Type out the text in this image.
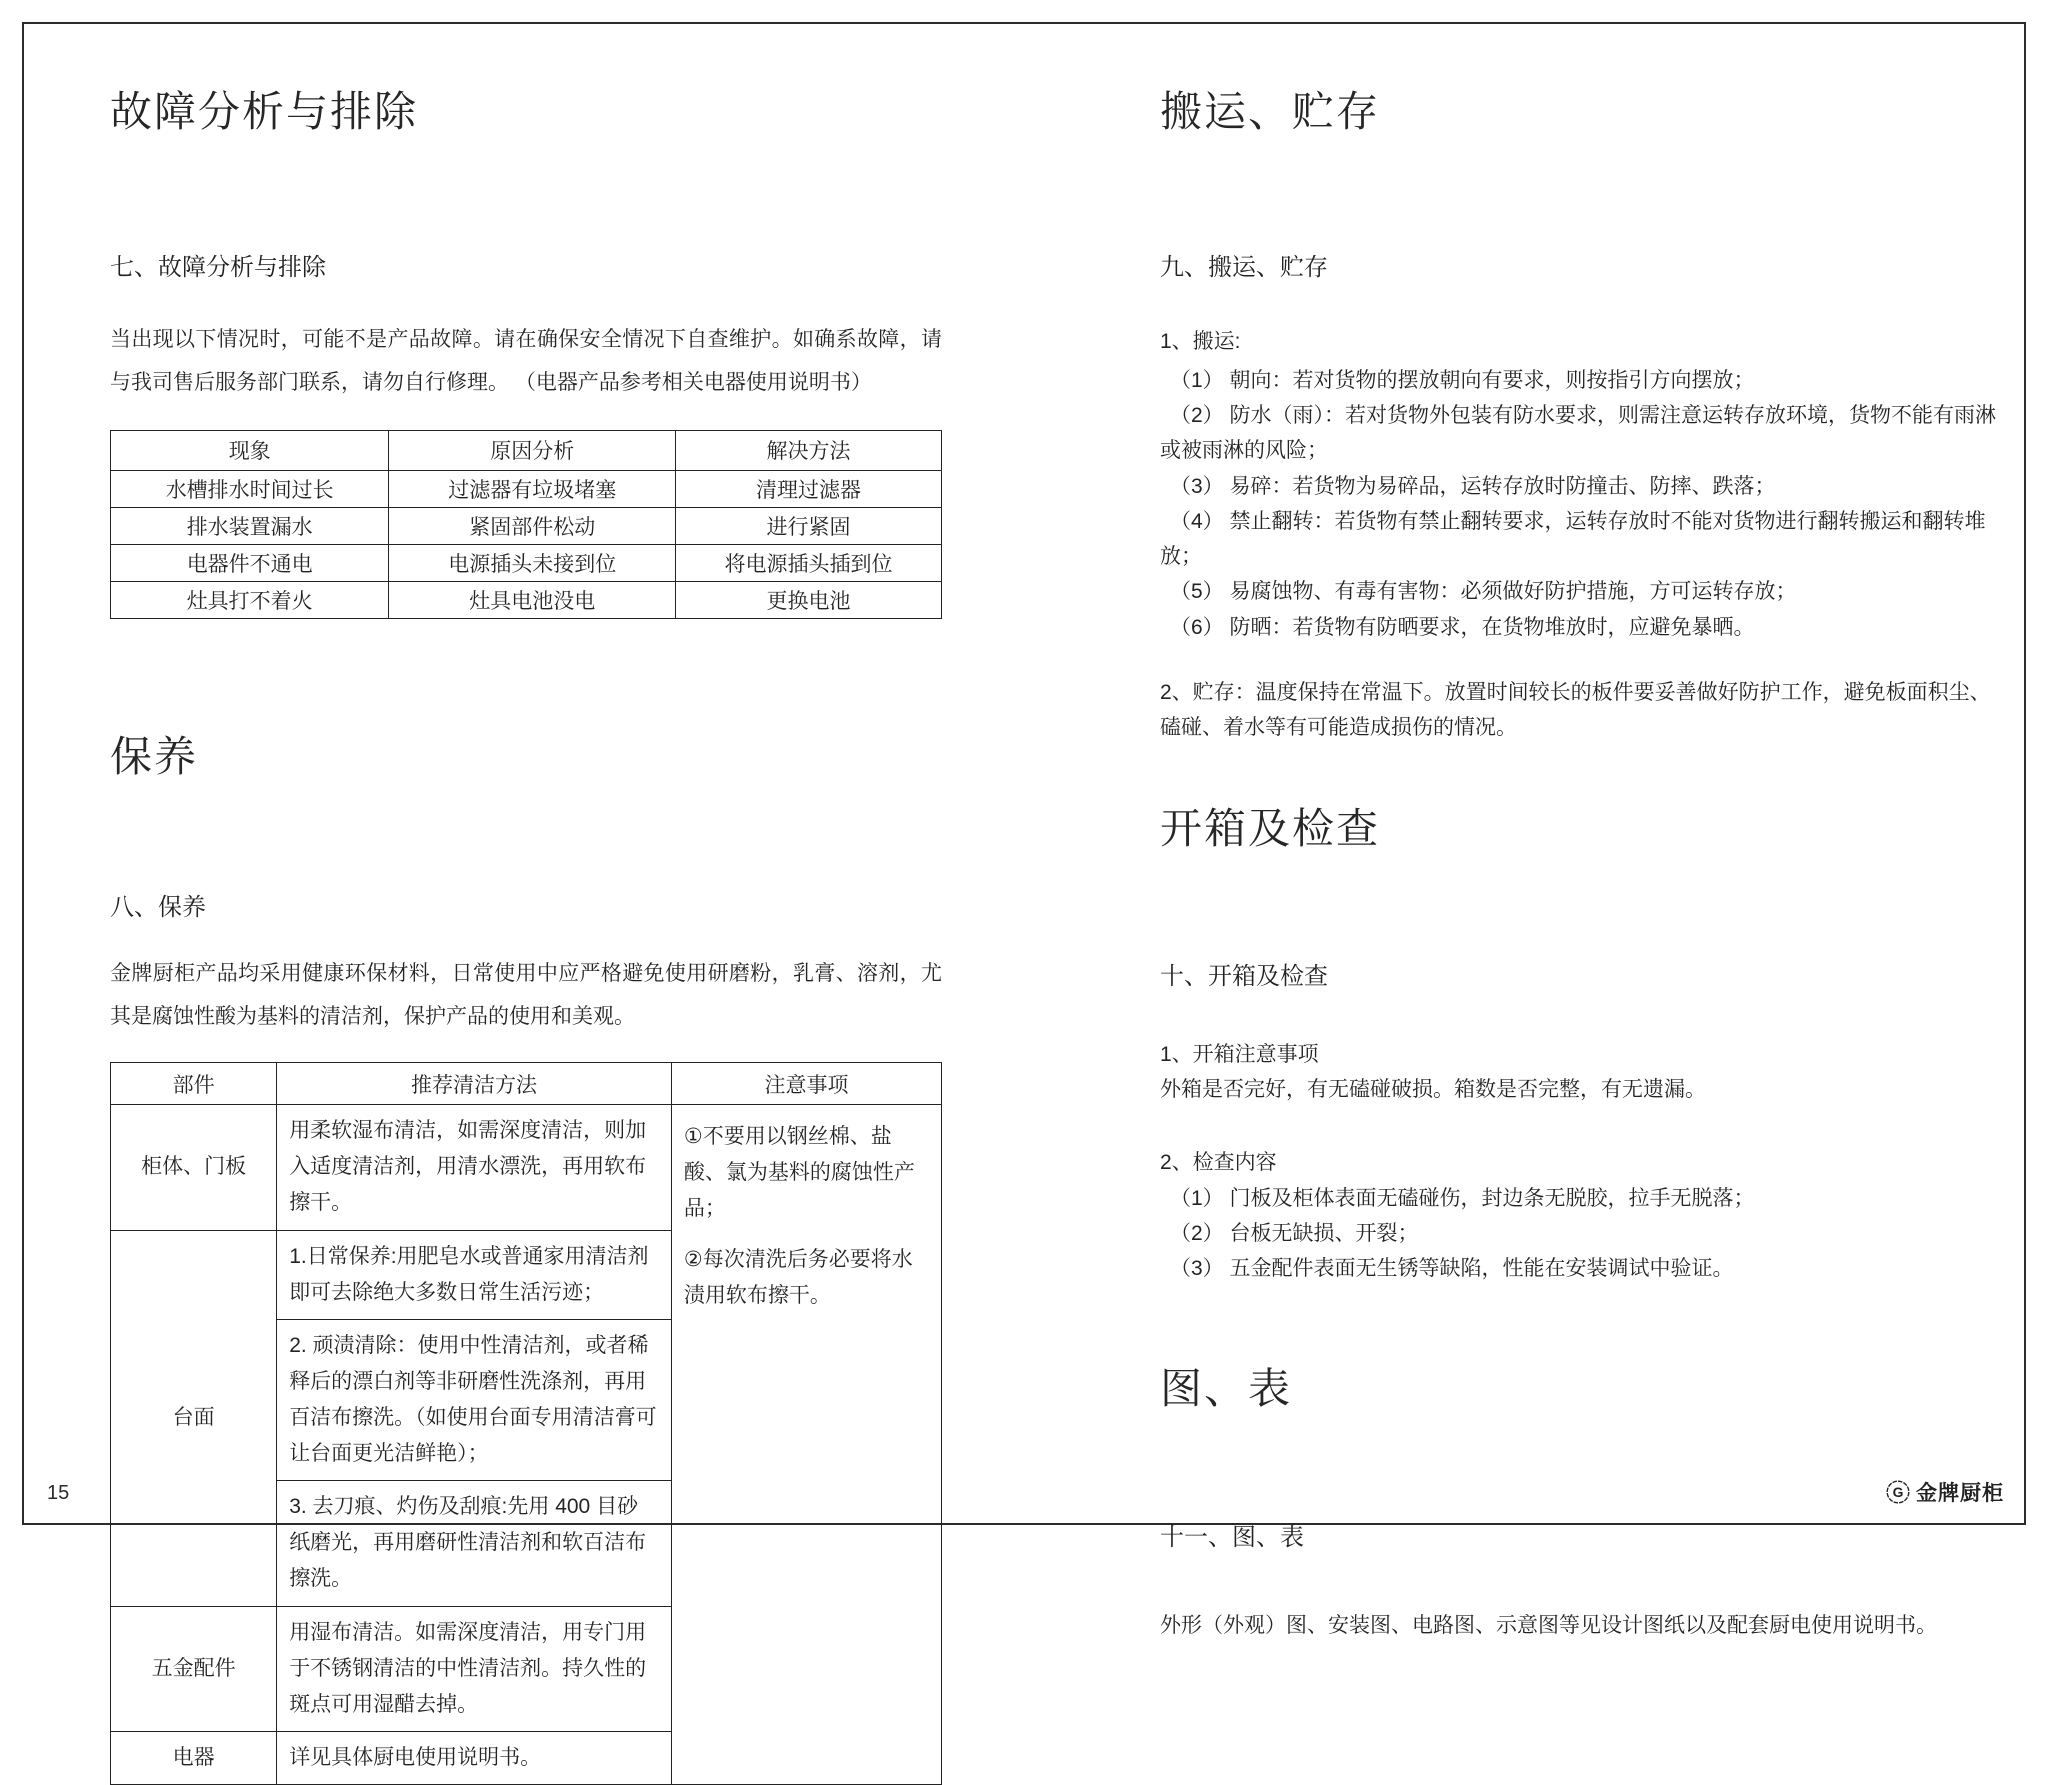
故障分析与排除
七、故障分析与排除

当出现以下情况时，可能不是产品故障。请在确保安全情况下自查维护。如确系故障，请与我司售后服务部门联系，请勿自行修理。 （电器产品参考相关电器使用说明书）

现象	原因分析	解决方法
水槽排水时间过长	过滤器有垃圾堵塞	清理过滤器
排水装置漏水	紧固部件松动	进行紧固
电器件不通电	电源插头未接到位	将电源插头插到位
灶具打不着火	灶具电池没电	更换电池
保养
八、保养

金牌厨柜产品均采用健康环保材料，日常使用中应严格避免使用研磨粉，乳膏、溶剂，尤其是腐蚀性酸为基料的清洁剂，保护产品的使用和美观。

部件	推荐清洁方法	注意事项
柜体、门板	用柔软湿布清洁，如需深度清洁，则加入适度清洁剂，用清水漂洗，再用软布擦干。	①不要用以钢丝棉、盐酸、氯为基料的腐蚀性产品；

②每次清洗后务必要将水渍用软布擦干。

台面	1.日常保养:用肥皂水或普通家用清洁剂即可去除绝大多数日常生活污迹；	
	2. 顽渍清除：使用中性清洁剂，或者稀释后的漂白剂等非研磨性洗涤剂，再用百洁布擦洗。（如使用台面专用清洁膏可让台面更光洁鲜艳）；	
	3. 去刀痕、灼伤及刮痕:先用 400 目砂纸磨光，再用磨研性清洁剂和软百洁布擦洗。	
五金配件	用湿布清洁。如需深度清洁，用专门用于不锈钢清洁的中性清洁剂。持久性的斑点可用湿醋去掉。	
电器	详见具体厨电使用说明书。	
搬运、贮存
九、搬运、贮存
1、搬运:

（1） 朝向：若对货物的摆放朝向有要求，则按指引方向摆放；

（2） 防水（雨）：若对货物外包装有防水要求，则需注意运转存放环境，货物不能有雨淋或被雨淋的风险；

（3） 易碎：若货物为易碎品，运转存放时防撞击、防摔、跌落；

（4） 禁止翻转：若货物有禁止翻转要求，运转存放时不能对货物进行翻转搬运和翻转堆放；

（5） 易腐蚀物、有毒有害物：必须做好防护措施，方可运转存放；

（6） 防晒：若货物有防晒要求，在货物堆放时，应避免暴晒。

2、贮存：温度保持在常温下。放置时间较长的板件要妥善做好防护工作，避免板面积尘、磕碰、着水等有可能造成损伤的情况。

开箱及检查
十、开箱及检查
1、开箱注意事项

外箱是否完好，有无磕碰破损。箱数是否完整，有无遗漏。

2、检查内容

（1） 门板及柜体表面无磕碰伤，封边条无脱胶，拉手无脱落；

（2） 台板无缺损、开裂；

（3） 五金配件表面无生锈等缺陷，性能在安装调试中验证。

图、表
十一、图、表

外形（外观）图、安装图、电路图、示意图等见设计图纸以及配套厨电使用说明书。

15	G 金牌厨柜
